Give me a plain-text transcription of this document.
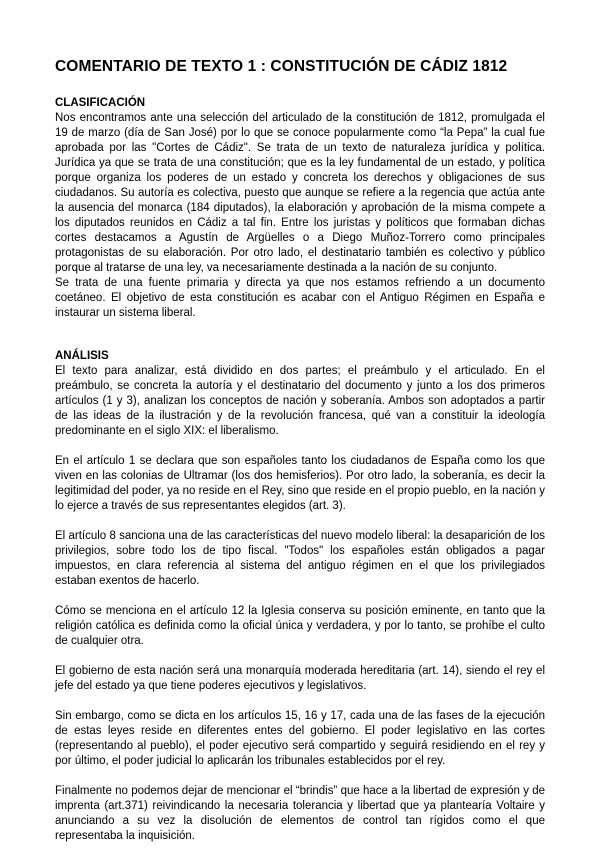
COMENTARIO DE TEXTO 1 : CONSTITUCIÓN DE CÁDIZ 1812
CLASIFICACIÓN

Nos encontramos ante una selección del articulado de la constitución de 1812, promulgada el 19 de marzo (día de San José) por lo que se conoce popularmente como “la Pepa” la cual fue aprobada por las "Cortes de Cádiz". Se trata de un texto de naturaleza jurídica y política. Jurídica ya que se trata de una constitución; que es la ley fundamental de un estado, y política porque organiza los poderes de un estado y concreta los derechos y obligaciones de sus ciudadanos. Su autoría es colectiva, puesto que aunque se refiere a la regencia que actúa ante la ausencia del monarca (184 diputados), la elaboración y aprobación de la misma compete a los diputados reunidos en Cádiz a tal fin. Entre los juristas y políticos que formaban dichas cortes destacamos a Agustín de Argüelles o a Diego Muñoz-Torrero como principales protagonistas de su elaboración. Por otro lado, el destinatario también es colectivo y público porque al tratarse de una ley, va necesariamente destinada a la nación de su conjunto.

Se trata de una fuente primaria y directa ya que nos estamos refriendo a un documento coetáneo. El objetivo de esta constitución es acabar con el Antiguo Régimen en España e instaurar un sistema liberal.

ANÁLISIS

El texto para analizar, está dividido en dos partes; el preámbulo y el articulado. En el preámbulo, se concreta la autoría y el destinatario del documento y junto a los dos primeros artículos (1 y 3), analizan los conceptos de nación y soberanía. Ambos son adoptados a partir de las ideas de la ilustración y de la revolución francesa, qué van a constituir la ideología predominante en el siglo XIX: el liberalismo.

En el artículo 1 se declara que son españoles tanto los ciudadanos de España como los que viven en las colonias de Ultramar (los dos hemisferios). Por otro lado, la soberanía, es decir la legitimidad del poder, ya no reside en el Rey, sino que reside en el propio pueblo, en la nación y lo ejerce a través de sus representantes elegidos (art. 3).

El artículo 8 sanciona una de las características del nuevo modelo liberal: la desaparición de los privilegios, sobre todo los de tipo fiscal. "Todos" los españoles están obligados a pagar impuestos, en clara referencia al sistema del antiguo régimen en el que los privilegiados estaban exentos de hacerlo.

Cómo se menciona en el artículo 12 la Iglesia conserva su posición eminente, en tanto que la religión católica es definida como la oficial única y verdadera, y por lo tanto, se prohíbe el culto de cualquier otra.

El gobierno de esta nación será una monarquía moderada hereditaria (art. 14), siendo el rey el jefe del estado ya que tiene poderes ejecutivos y legislativos.

Sin embargo, como se dicta en los artículos 15, 16 y 17, cada una de las fases de la ejecución de estas leyes reside en diferentes entes del gobierno. El poder legislativo en las cortes (representando al pueblo), el poder ejecutivo será compartido y seguirá residiendo en el rey y por último, el poder judicial lo aplicarán los tribunales establecidos por el rey.

Finalmente no podemos dejar de mencionar el “brindis” que hace a la libertad de expresión y de imprenta (art.371) reivindicando la necesaria tolerancia y libertad que ya plantearía Voltaire y anunciando a su vez la disolución de elementos de control tan rígidos como el que representaba la inquisición.
